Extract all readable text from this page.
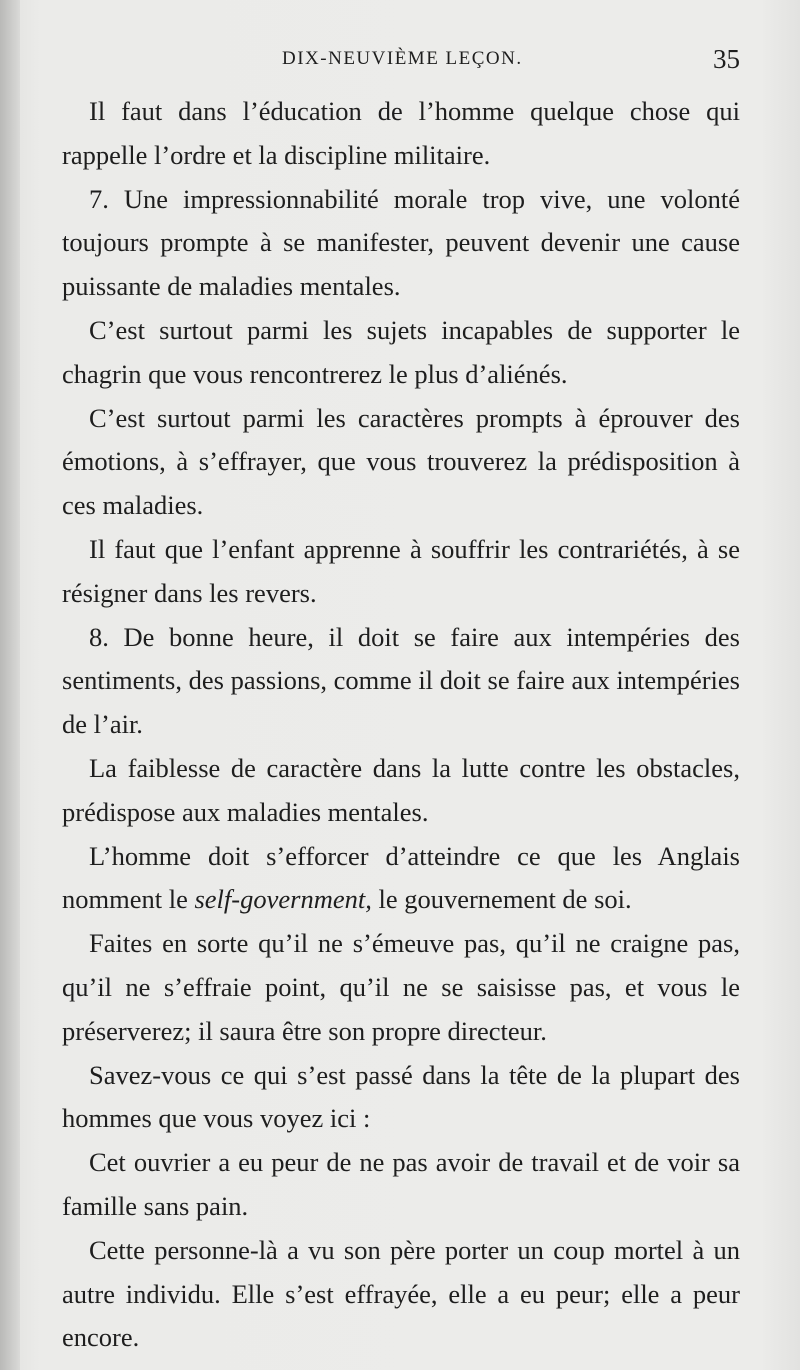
DIX-NEUVIÈME LEÇON.	35

Il faut dans l’éducation de l’homme quelque chose qui rappelle l’ordre et la discipline militaire.

7. Une impressionnabilité morale trop vive, une volonté toujours prompte à se manifester, peuvent devenir une cause puissante de maladies mentales.

C’est surtout parmi les sujets incapables de supporter le chagrin que vous rencontrerez le plus d’aliénés.

C’est surtout parmi les caractères prompts à éprouver des émotions, à s’effrayer, que vous trouverez la prédisposition à ces maladies.

Il faut que l’enfant apprenne à souffrir les contrariétés, à se résigner dans les revers.

8. De bonne heure, il doit se faire aux intempéries des sentiments, des passions, comme il doit se faire aux intempéries de l’air.

La faiblesse de caractère dans la lutte contre les obstacles, prédispose aux maladies mentales.

L’homme doit s’efforcer d’atteindre ce que les Anglais nomment le self-government, le gouvernement de soi.

Faites en sorte qu’il ne s’émeuve pas, qu’il ne craigne pas, qu’il ne s’effraie point, qu’il ne se saisisse pas, et vous le préserverez; il saura être son propre directeur.

Savez-vous ce qui s’est passé dans la tête de la plupart des hommes que vous voyez ici :

Cet ouvrier a eu peur de ne pas avoir de travail et de voir sa famille sans pain.

Cette personne-là a vu son père porter un coup mortel à un autre individu. Elle s’est effrayée, elle a eu peur; elle a peur encore.
